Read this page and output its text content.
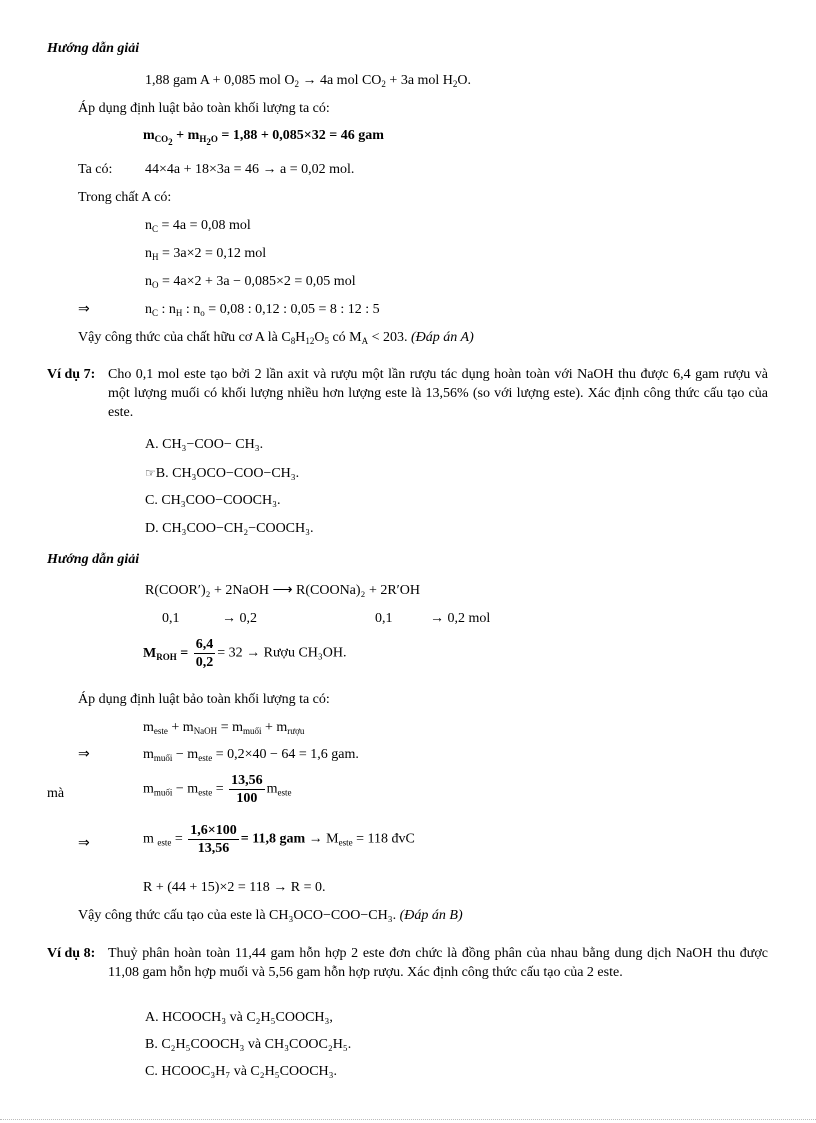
Hướng dẫn giải
1,88 gam A + 0,085 mol $O_2 \to 4a$ mol $CO_2 + 3a$ mol $H_2O$.
Áp dụng định luật bảo toàn khối lượng ta có:
$m_{CO_2} + m_{H_2O} = 1,88 + 0,085\times 32 = 46$ gam
Ta có: 44×4a + 18×3a = 46 → a = 0,02 mol.
Trong chất A có:
$n_C = 4a = 0,08$ mol
$n_H = 3a\times 2 = 0,12$ mol
$n_O = 4a\times 2 + 3a - 0,085\times 2 = 0,05$ mol
⇒	$n_C$ : $n_H$ : $n_o = 0,08$ : 0,12 : 0,05 = 8 : 12 : 5
Vậy công thức của chất hữu cơ A là $C_8H_{12}O_5$ có $M_A < 203$. (Đáp án A)
Ví dụ 7: Cho 0,1 mol este tạo bởi 2 lần axit và rượu một lần rượu tác dụng hoàn toàn với NaOH thu được 6,4 gam rượu và một lượng muối có khối lượng nhiều hơn lượng este là 13,56% (so với lượng este). Xác định công thức cấu tạo của este.
A. CH₃−COO− CH₃.
☞B. CH₃OCO−COO−CH₃.
C. CH₃COO−COOCH₃.
D. CH₃COO−CH₂−COOCH₃.
Hướng dẫn giải
R(COOR′)₂ + 2NaOH ⟶ R(COONa)₂ + 2R′OH
0,1	→ 0,2	0,1	→ 0,2 mol
$M_{ROH} = \frac{6,4}{0,2} = 32$ → Rượu CH₃OH.
Áp dụng định luật bảo toàn khối lượng ta có:
$m_{este} + m_{NaOH} = m_{muối} + m_{rượu}$
⇒	$m_{muối} - m_{este} = 0,2\times 40 - 64 = 1,6$ gam.
mà	$m_{muối} - m_{este} = \frac{13,56}{100} m_{este}$
⇒	m $_{este} = \frac{1,6\times 100}{13,56} = 11,8$ gam → $M_{este} = 118$ đvC
R + (44 + 15)×2 = 118 → R = 0.
Vậy công thức cấu tạo của este là CH₃OCO−COO−CH₃. (Đáp án B)
Ví dụ 8: Thuỷ phân hoàn toàn 11,44 gam hỗn hợp 2 este đơn chức là đồng phân của nhau bằng dung dịch NaOH thu được 11,08 gam hỗn hợp muối và 5,56 gam hỗn hợp rượu. Xác định công thức cấu tạo của 2 este.
A. HCOOCH₃ và C₂H₅COOCH₃,
B. C₂H₅COOCH₃ và CH₃COOC₂H₅.
C. HCOOC₃H₇ và C₂H₅COOCH₃.
